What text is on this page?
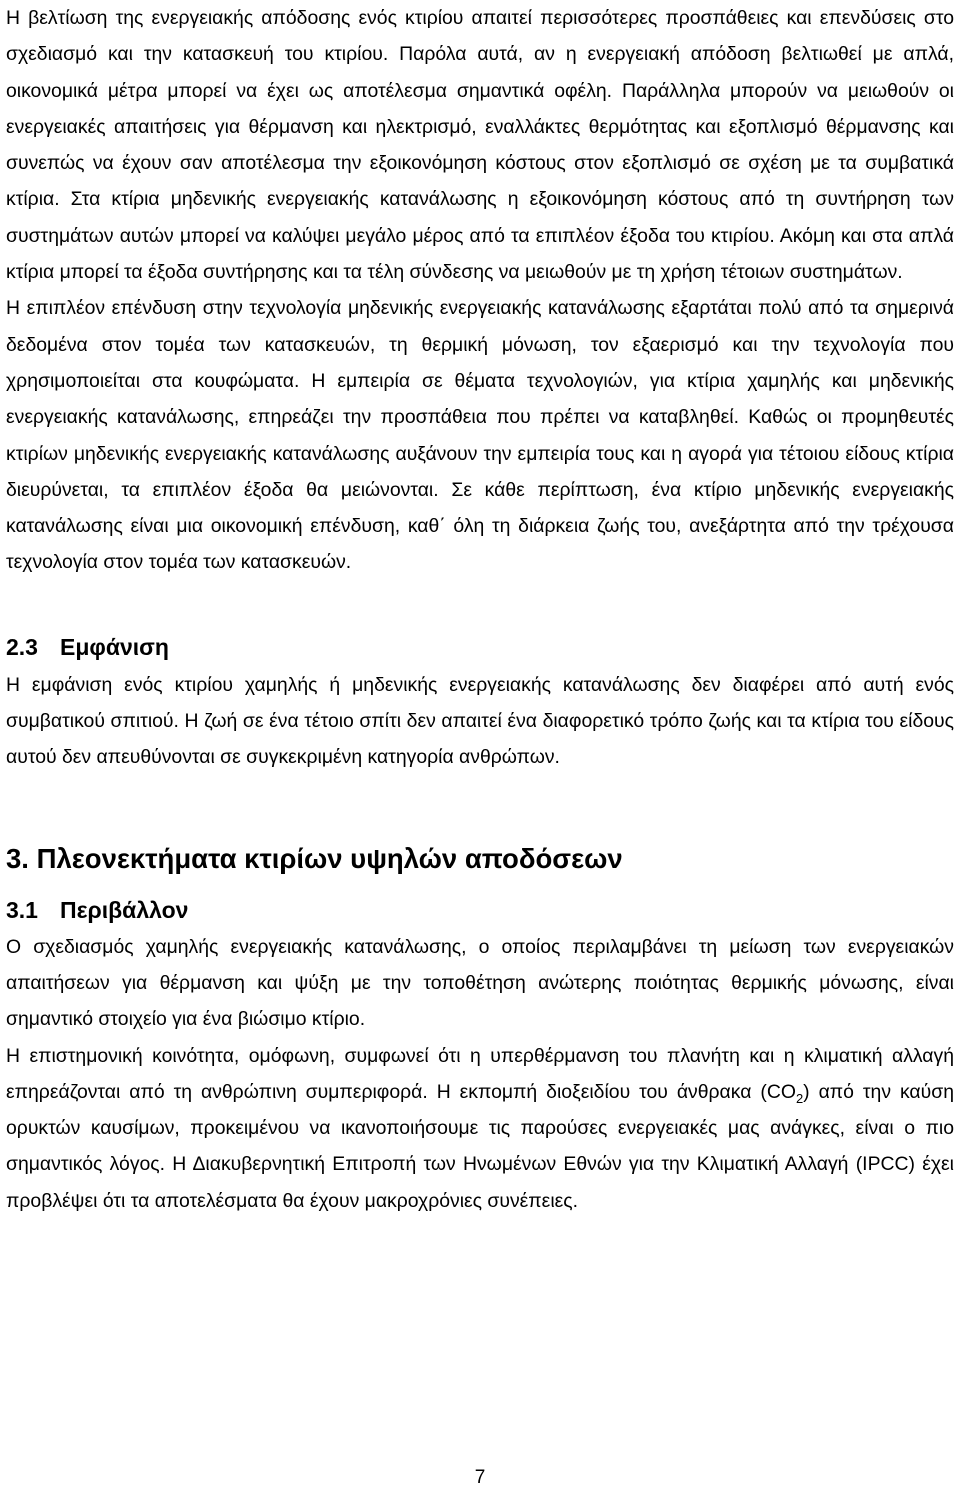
Η βελτίωση της ενεργειακής απόδοσης ενός κτιρίου απαιτεί περισσότερες προσπάθειες και επενδύσεις στο σχεδιασμό και την κατασκευή του κτιρίου. Παρόλα αυτά, αν η ενεργειακή απόδοση βελτιωθεί με απλά, οικονομικά μέτρα μπορεί να έχει ως αποτέλεσμα σημαντικά οφέλη. Παράλληλα μπορούν να μειωθούν οι ενεργειακές απαιτήσεις για θέρμανση και ηλεκτρισμό, εναλλάκτες θερμότητας και εξοπλισμό θέρμανσης και συνεπώς να έχουν σαν αποτέλεσμα την εξοικονόμηση κόστους στον εξοπλισμό σε σχέση με τα συμβατικά κτίρια. Στα κτίρια μηδενικής ενεργειακής κατανάλωσης η εξοικονόμηση κόστους από τη συντήρηση των συστημάτων αυτών μπορεί να καλύψει μεγάλο μέρος από τα επιπλέον έξοδα του κτιρίου. Ακόμη και στα απλά κτίρια μπορεί τα έξοδα συντήρησης και τα τέλη σύνδεσης να μειωθούν με τη χρήση τέτοιων συστημάτων.

Η επιπλέον επένδυση στην τεχνολογία μηδενικής ενεργειακής κατανάλωσης εξαρτάται πολύ από τα σημερινά δεδομένα στον τομέα των κατασκευών, τη θερμική μόνωση, τον εξαερισμό και την τεχνολογία που χρησιμοποιείται στα κουφώματα. Η εμπειρία σε θέματα τεχνολογιών, για κτίρια χαμηλής και μηδενικής ενεργειακής κατανάλωσης, επηρεάζει την προσπάθεια που πρέπει να καταβληθεί. Καθώς οι προμηθευτές κτιρίων μηδενικής ενεργειακής κατανάλωσης αυξάνουν την εμπειρία τους και η αγορά για τέτοιου είδους κτίρια διευρύνεται, τα επιπλέον έξοδα θα μειώνονται. Σε κάθε περίπτωση, ένα κτίριο μηδενικής ενεργειακής κατανάλωσης είναι μια οικονομική επένδυση, καθ΄ όλη τη διάρκεια ζωής του, ανεξάρτητα από την τρέχουσα τεχνολογία στον τομέα των κατασκευών.

2.3 Εμφάνιση

Η εμφάνιση ενός κτιρίου χαμηλής ή μηδενικής ενεργειακής κατανάλωσης δεν διαφέρει από αυτή ενός συμβατικού σπιτιού. Η ζωή σε ένα τέτοιο σπίτι δεν απαιτεί ένα διαφορετικό τρόπο ζωής και τα κτίρια του είδους αυτού δεν απευθύνονται σε συγκεκριμένη κατηγορία ανθρώπων.

3. Πλεονεκτήματα κτιρίων υψηλών αποδόσεων
3.1 Περιβάλλον

Ο σχεδιασμός χαμηλής ενεργειακής κατανάλωσης, ο οποίος περιλαμβάνει τη μείωση των ενεργειακών απαιτήσεων για θέρμανση και ψύξη με την τοποθέτηση ανώτερης ποιότητας θερμικής μόνωσης, είναι σημαντικό στοιχείο για ένα βιώσιμο κτίριο.

Η επιστημονική κοινότητα, ομόφωνη, συμφωνεί ότι η υπερθέρμανση του πλανήτη και η κλιματική αλλαγή επηρεάζονται από τη ανθρώπινη συμπεριφορά. Η εκπομπή διοξειδίου του άνθρακα $(CO_2)$ από την καύση ορυκτών καυσίμων, προκειμένου να ικανοποιήσουμε τις παρούσες ενεργειακές μας ανάγκες, είναι ο πιο σημαντικός λόγος. Η Διακυβερνητική Επιτροπή των Ηνωμένων Εθνών για την Κλιματική Αλλαγή (IPCC) έχει προβλέψει ότι τα αποτελέσματα θα έχουν μακροχρόνιες συνέπειες.

7
